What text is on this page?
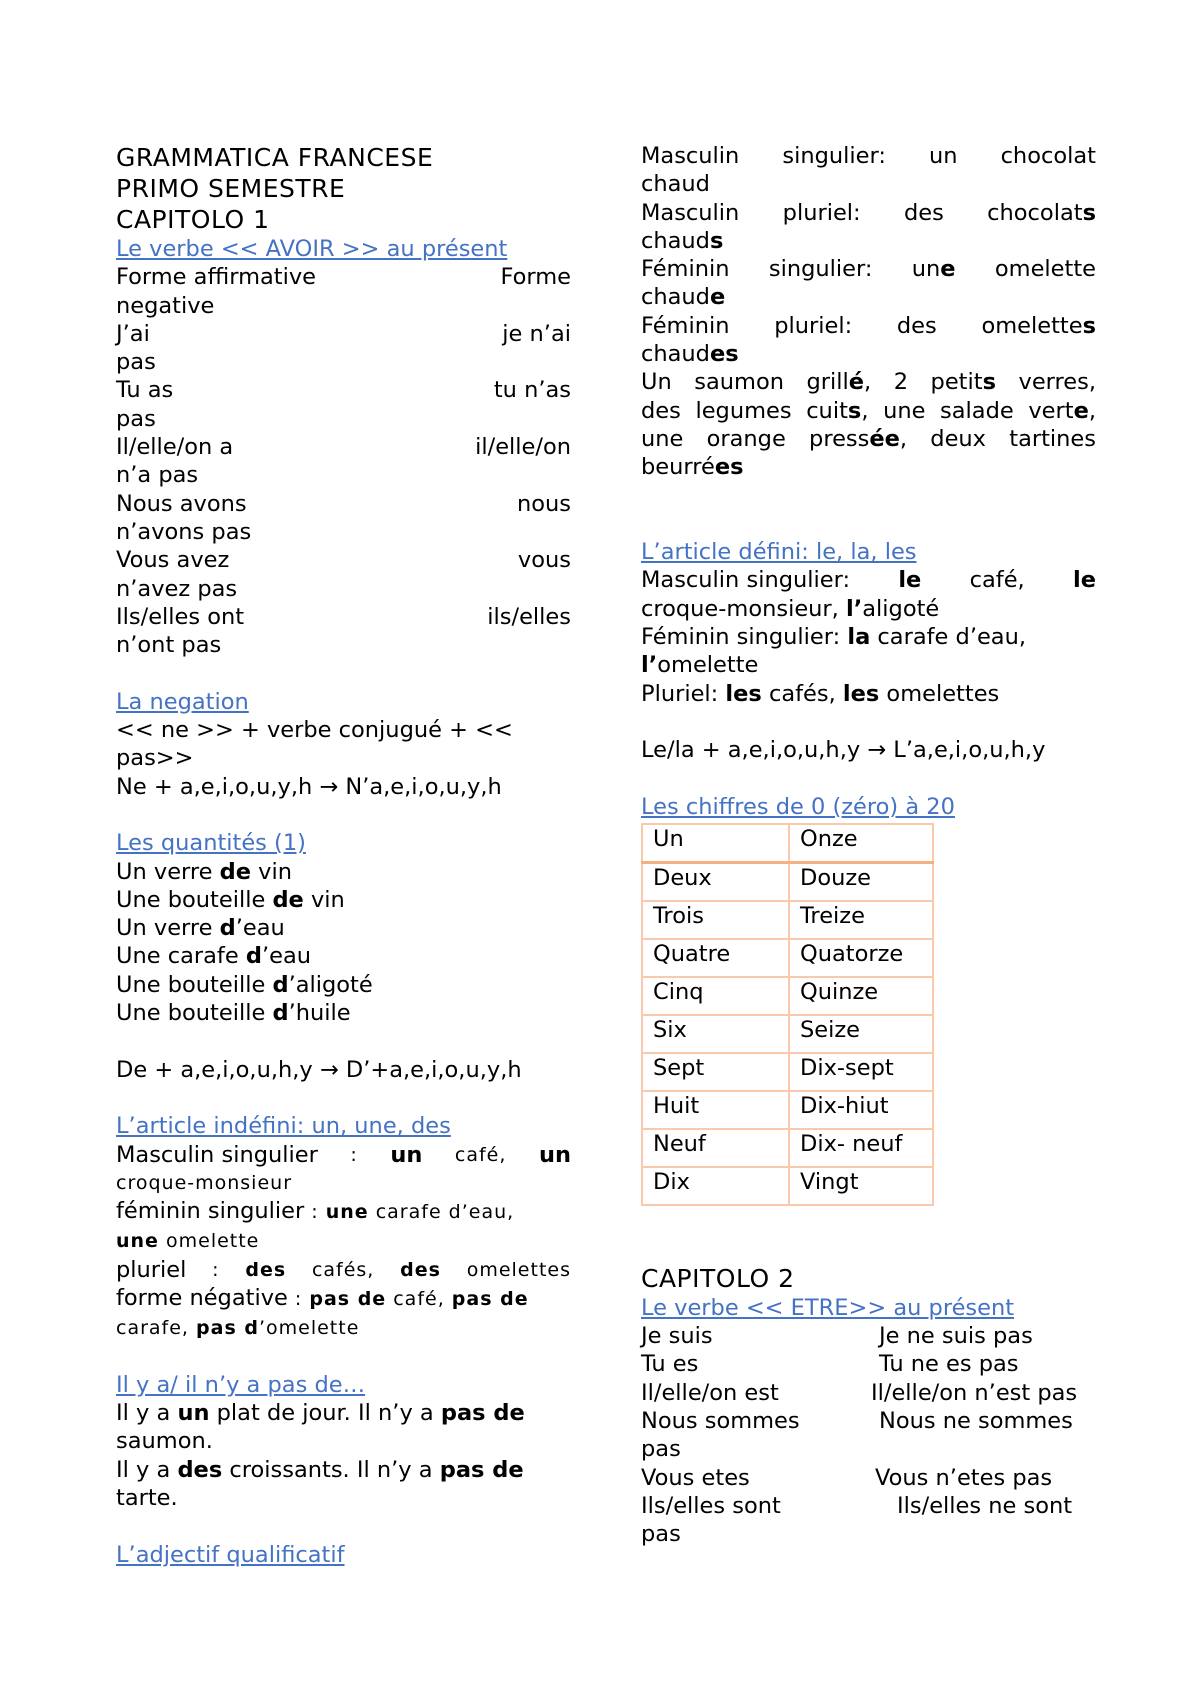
GRAMMATICA FRANCESE
PRIMO SEMESTRE
CAPITOLO 1
Le verbe << AVOIR >> au présent
Forme affirmative	Forme
negative
J’ai	je n’ai
pas
Tu as	tu n’as
pas
Il/elle/on a	il/elle/on
n’a pas
Nous avons	nous
n’avons pas
Vous avez	vous
n’avez pas
Ils/elles ont	ils/elles
n’ont pas
La negation
<< ne >> + verbe conjugué + <<
pas>>
Ne + a,e,i,o,u,y,h → N’a,e,i,o,u,y,h
Les quantités (1)
Un verre de vin
Une bouteille de vin
Un verre d’eau
Une carafe d’eau
Une bouteille d’aligoté
Une bouteille d’huile
De + a,e,i,o,u,h,y → D’+a,e,i,o,u,y,h
L’article indéfini: un, une, des
Masculin singulier : un café, un
croque-monsieur
féminin singulier : une carafe d’eau,
une omelette
pluriel : des cafés, des omelettes
forme négative : pas de café, pas de
carafe, pas d’omelette
Il y a/ il n’y a pas de…
Il y a un plat de jour. Il n’y a pas de
saumon.
Il y a des croissants. Il n’y a pas de
tarte.
L’adjectif qualificatif
Masculin singulier: un chocolat
chaud
Masculin pluriel: des chocolats
chauds
Féminin singulier: une omelette
chaude
Féminin pluriel: des omelettes
chaudes
Un saumon grillé, 2 petits verres,
des legumes cuits, une salade verte,
une orange pressée, deux tartines
beurrées
L’article défini: le, la, les
Masculin singulier: le café, le
croque-monsieur, l’aligoté
Féminin singulier: la carafe d’eau,
l’omelette
Pluriel: les cafés, les omelettes
Le/la + a,e,i,o,u,h,y → L’a,e,i,o,u,h,y
Les chiffres de 0 (zéro) à 20
Un	Onze
Deux	Douze
Trois	Treize
Quatre	Quatorze
Cinq	Quinze
Six	Seize
Sept	Dix-sept
Huit	Dix-hiut
Neuf	Dix- neuf
Dix	Vingt
CAPITOLO 2
Le verbe << ETRE>> au présent
Je suis	Je ne suis pas
Tu es	Tu ne es pas
Il/elle/on est	Il/elle/on n’est pas
Nous sommes	Nous ne sommes
pas
Vous etes	Vous n’etes pas
Ils/elles sont	Ils/elles ne sont
pas
